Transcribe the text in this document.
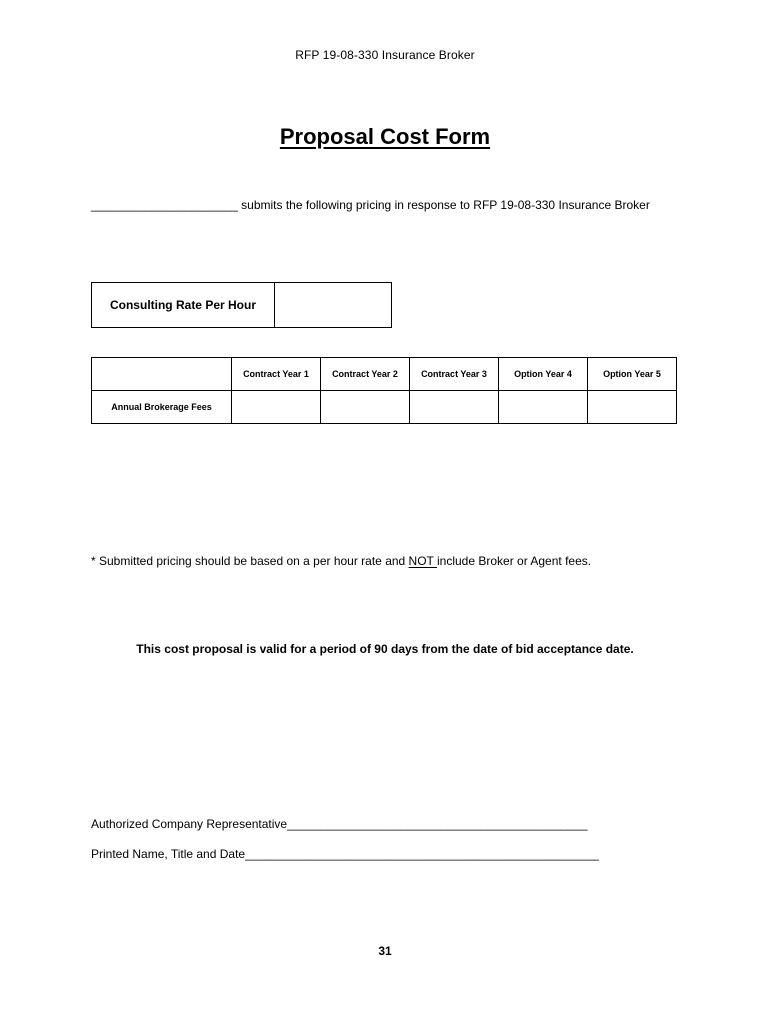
RFP 19-08-330 Insurance Broker
Proposal Cost Form
______________________ submits the following pricing in response to RFP 19-08-330 Insurance Broker
Consulting Rate Per Hour	
	Contract Year 1	Contract Year 2	Contract Year 3	Option Year 4	Option Year 5
Annual Brokerage Fees					
* Submitted pricing should be based on a per hour rate and NOT include Broker or Agent fees.
This cost proposal is valid for a period of 90 days from the date of bid acceptance date.
Authorized Company Representative_____________________________________________
Printed Name, Title and Date_____________________________________________________
31
